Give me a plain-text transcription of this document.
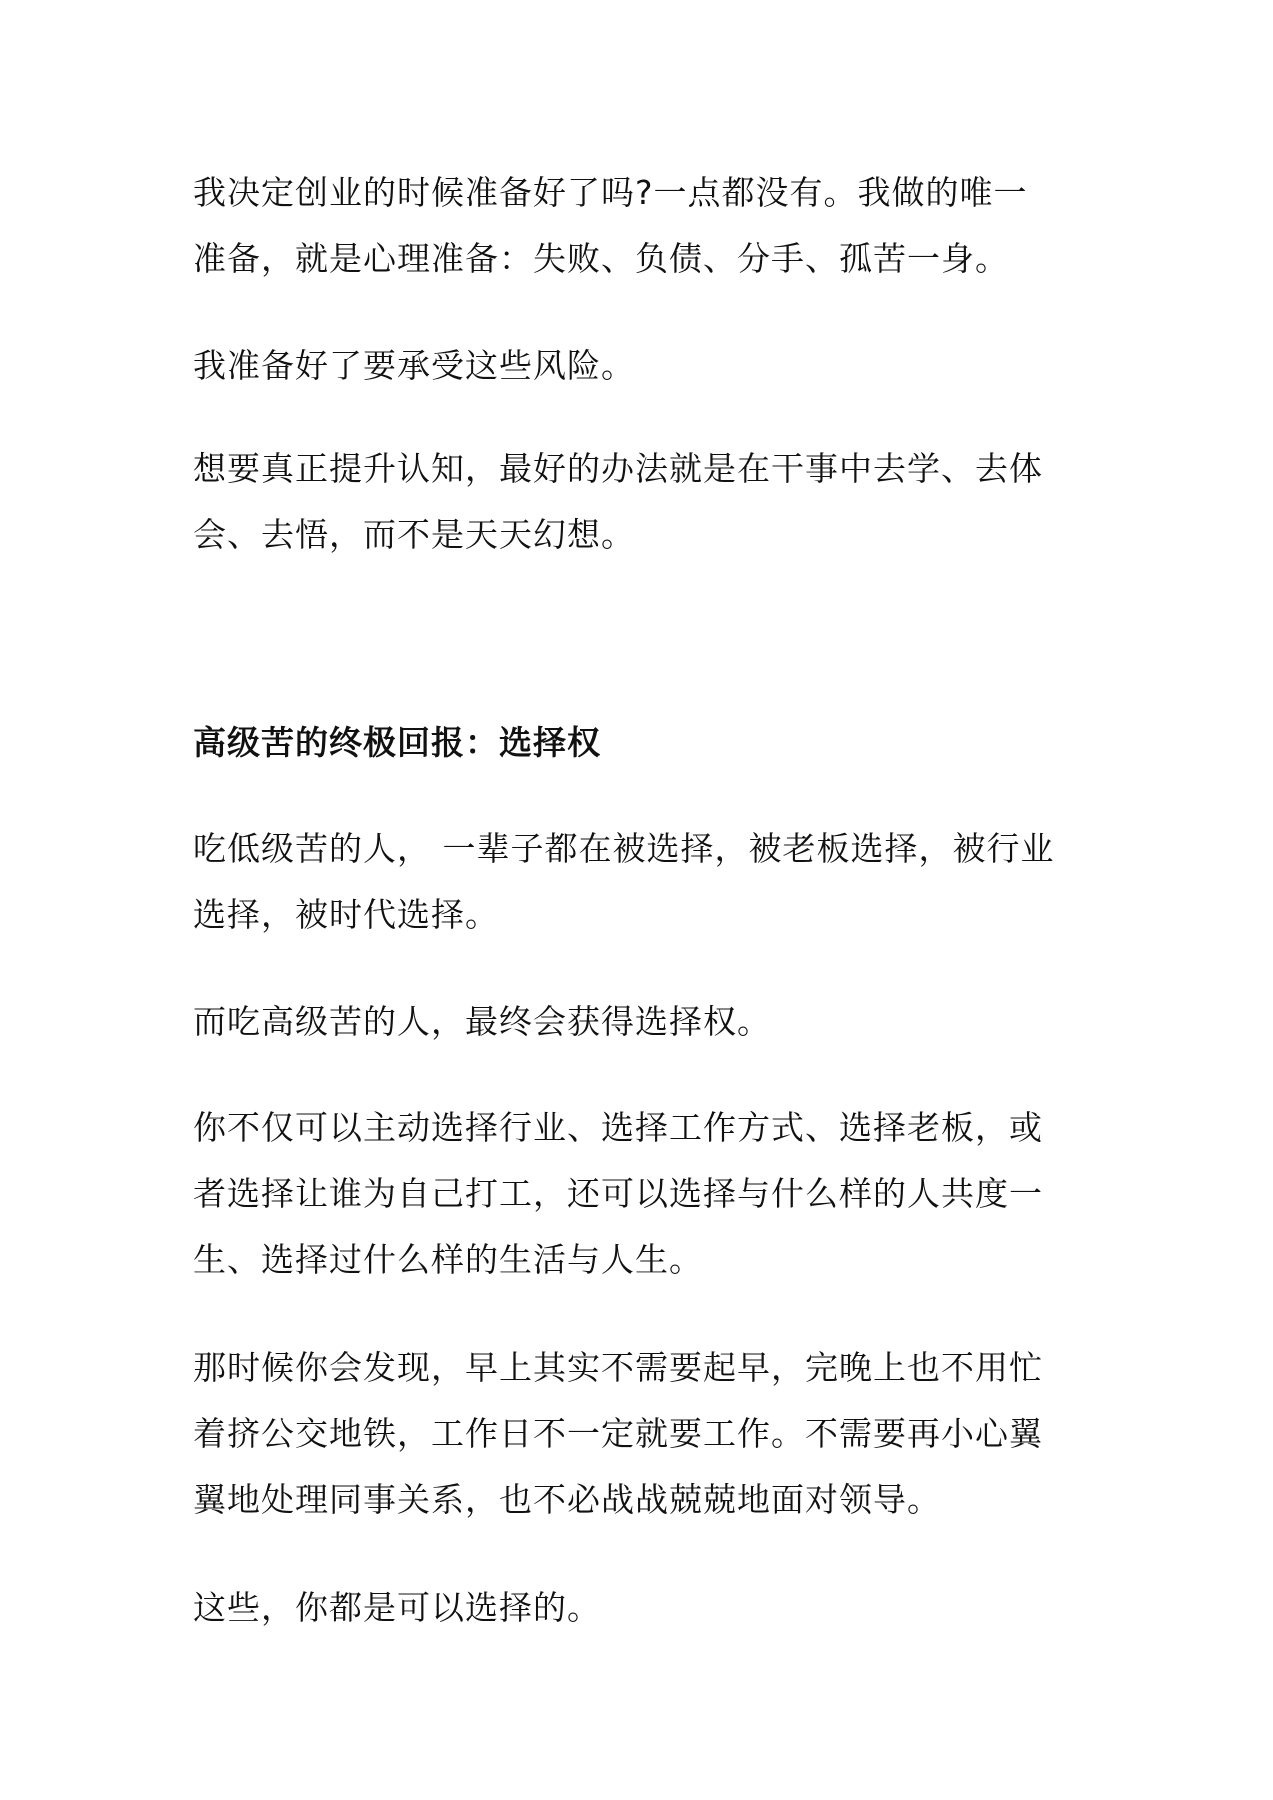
我决定创业的时候准备好了吗?一点都没有。我做的唯一
准备，就是心理准备：失败、负债、分手、孤苦一身。

我准备好了要承受这些风险。

想要真正提升认知，最好的办法就是在干事中去学、去体
会、去悟，而不是天天幻想。

高级苦的终极回报：选择权

吃低级苦的人， 一辈子都在被选择，被老板选择，被行业
选择，被时代选择。

而吃高级苦的人，最终会获得选择权。

你不仅可以主动选择行业、选择工作方式、选择老板，或
者选择让谁为自己打工，还可以选择与什么样的人共度一
生、选择过什么样的生活与人生。

那时候你会发现，早上其实不需要起早，完晚上也不用忙
着挤公交地铁，工作日不一定就要工作。不需要再小心翼
翼地处理同事关系，也不必战战兢兢地面对领导。

这些，你都是可以选择的。
